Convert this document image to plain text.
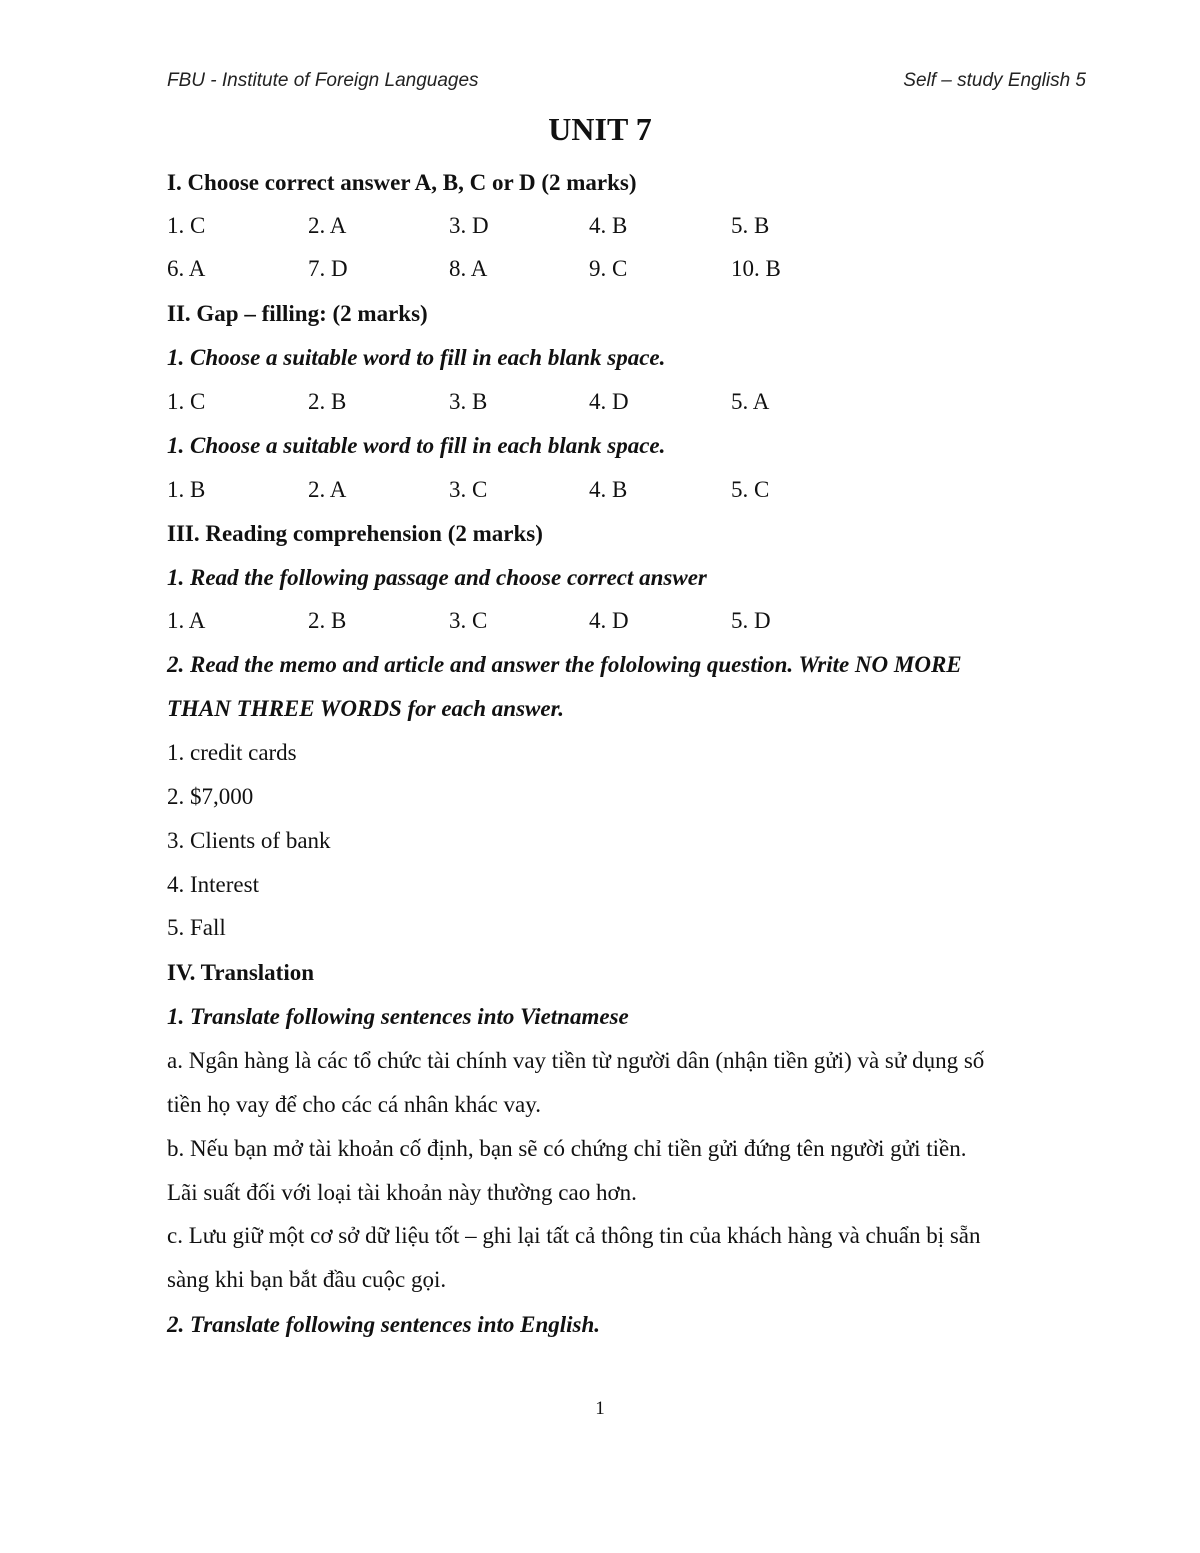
FBU - Institute of Foreign Languages	Self – study English 5
UNIT 7
I. Choose correct answer A, B, C or D (2 marks)
1. C	2. A	3. D	4. B	5. B
6. A	7. D	8. A	9. C	10. B
II. Gap – filling: (2 marks)
1. Choose a suitable word to fill in each blank space.
1. C	2. B	3. B	4. D	5. A
1. Choose a suitable word to fill in each blank space.
1. B	2. A	3. C	4. B	5. C
III. Reading comprehension (2 marks)
1. Read the following passage and choose correct answer
1. A	2. B	3. C	4. D	5. D
2. Read the memo and article and answer the fololowing question. Write NO MORE
THAN THREE WORDS for each answer.
1. credit cards
2. $7,000
3. Clients of bank
4. Interest
5. Fall
IV. Translation
1. Translate following sentences into Vietnamese
a. Ngân hàng là các tổ chức tài chính vay tiền từ người dân (nhận tiền gửi) và sử dụng số
tiền họ vay để cho các cá nhân khác vay.
b. Nếu bạn mở tài khoản cố định, bạn sẽ có chứng chỉ tiền gửi đứng tên người gửi tiền.
Lãi suất đối với loại tài khoản này thường cao hơn.
c. Lưu giữ một cơ sở dữ liệu tốt – ghi lại tất cả thông tin của khách hàng và chuẩn bị sẵn
sàng khi bạn bắt đầu cuộc gọi.
2. Translate following sentences into English.
1
